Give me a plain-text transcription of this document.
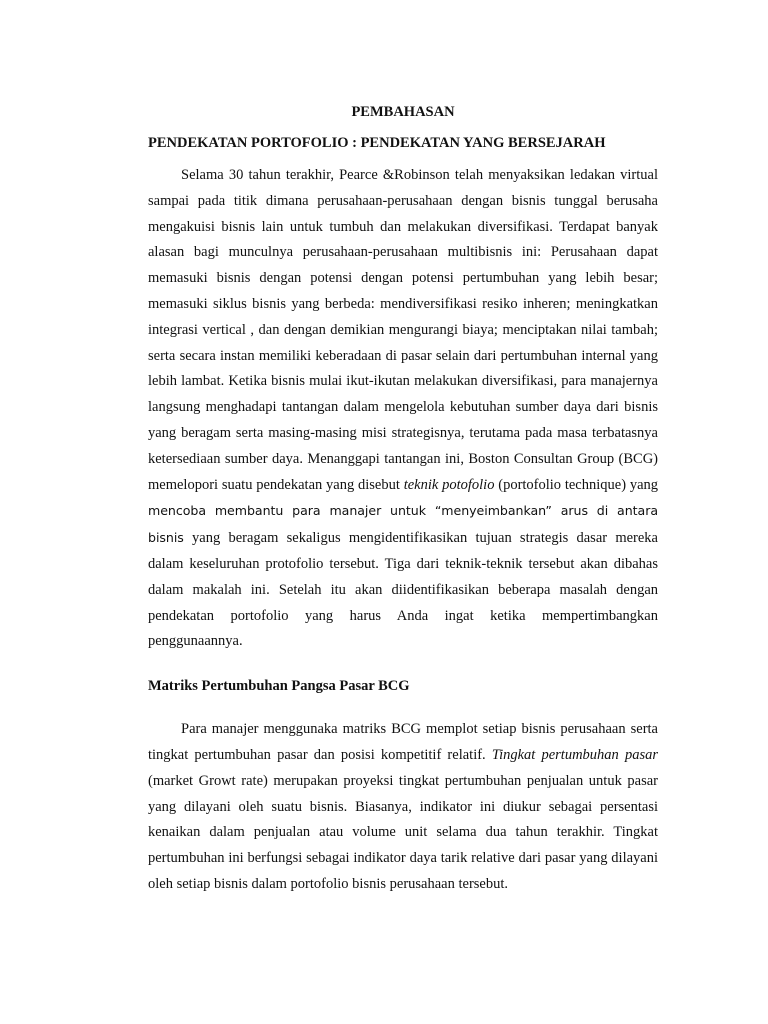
PEMBAHASAN
PENDEKATAN PORTOFOLIO : PENDEKATAN YANG BERSEJARAH

Selama 30 tahun terakhir, Pearce &Robinson telah menyaksikan ledakan virtual sampai pada titik dimana perusahaan-perusahaan dengan bisnis tunggal berusaha mengakuisi bisnis lain untuk tumbuh dan melakukan diversifikasi. Terdapat banyak alasan bagi munculnya perusahaan-perusahaan multibisnis ini: Perusahaan dapat memasuki bisnis dengan potensi dengan potensi pertumbuhan yang lebih besar; memasuki siklus bisnis yang berbeda: mendiversifikasi resiko inheren; meningkatkan integrasi vertical , dan dengan demikian mengurangi biaya; menciptakan nilai tambah; serta secara instan memiliki keberadaan di pasar selain dari pertumbuhan internal yang lebih lambat. Ketika bisnis mulai ikut-ikutan melakukan diversifikasi, para manajernya langsung menghadapi tantangan dalam mengelola kebutuhan sumber daya dari bisnis yang beragam serta masing-masing misi strategisnya, terutama pada masa terbatasnya ketersediaan sumber daya. Menanggapi tantangan ini, Boston Consultan Group (BCG) memelopori suatu pendekatan yang disebut teknik potofolio (portofolio technique) yang mencoba membantu para manajer untuk “menyeimbankan” arus di antara bisnis yang beragam sekaligus mengidentifikasikan tujuan strategis dasar mereka dalam keseluruhan protofolio tersebut. Tiga dari teknik-teknik tersebut akan dibahas dalam makalah ini. Setelah itu akan diidentifikasikan beberapa masalah dengan pendekatan portofolio yang harus Anda ingat ketika mempertimbangkan penggunaannya.

Matriks Pertumbuhan Pangsa Pasar BCG

Para manajer menggunaka matriks BCG memplot setiap bisnis perusahaan serta tingkat pertumbuhan pasar dan posisi kompetitif relatif. Tingkat pertumbuhan pasar (market Growt rate) merupakan proyeksi tingkat pertumbuhan penjualan untuk pasar yang dilayani oleh suatu bisnis. Biasanya, indikator ini diukur sebagai persentasi kenaikan dalam penjualan atau volume unit selama dua tahun terakhir. Tingkat pertumbuhan ini berfungsi sebagai indikator daya tarik relative dari pasar yang dilayani oleh setiap bisnis dalam portofolio bisnis perusahaan tersebut.
